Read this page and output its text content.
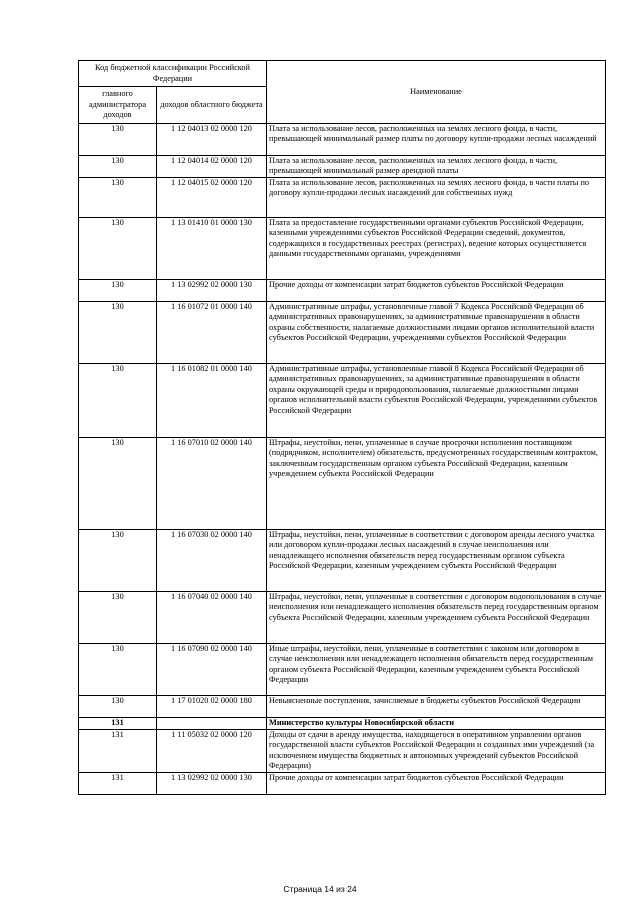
Код бюджетной классификации Российской Федерации		Наименование
главного администратора доходов	доходов областного бюджета	
130	1 12 04013 02 0000 120	Плата за использование лесов, расположенных на землях лесного фонда, в части, превышающей минимальный размер платы по договору купли-продажи лесных насаждений
130	1 12 04014 02 0000 120	Плата за использование лесов, расположенных на землях лесного фонда, в части, превышающей минимальный размер арендной платы
130	1 12 04015 02 0000 120	Плата за использование лесов, расположенных на землях лесного фонда, в части платы по договору купли-продажи лесных насаждений для собственных нужд
130	1 13 01410 01 0000 130	Плата за предоставление государственными органами субъектов Российской Федерации, казенными учреждениями субъектов Российской Федерации сведений, документов, содержащихся в государственных реестрах (регистрах), ведение которых осуществляется данными государственными органами, учреждениями
130	1 13 02992 02 0000 130	Прочие доходы от компенсации затрат бюджетов субъектов Российской Федерации
130	1 16 01072 01 0000 140	Административные штрафы, установленные главой 7 Кодекса Российской Федерации об административных правонарушениях, за административные правонарушения в области охраны собственности, налагаемые должностными лицами органов исполнительной власти субъектов Российской Федерации, учреждениями субъектов Российской Федерации
130	1 16 01082 01 0000 140	Административные штрафы, установленные главой 8 Кодекса Российской Федерации об административных правонарушениях, за административные правонарушения в области охраны окружающей среды и природопользования, налагаемые должностными лицами органов исполнительной власти субъектов Российской Федерации, учреждениями субъектов Российской Федерации
130	1 16 07010 02 0000 140	Штрафы, неустойки, пени, уплаченные в случае просрочки исполнения поставщиком (подрядчиком, исполнителем) обязательств, предусмотренных государственным контрактом, заключенным государственным органом субъекта Российской Федерации, казенным учреждением субъекта Российской Федерации
130	1 16 07030 02 0000 140	Штрафы, неустойки, пени, уплаченные в соответствии с договором аренды лесного участка или договором купли-продажи лесных насаждений в случае неисполнения или ненадлежащего исполнения обязательств перед государственным органом субъекта Российской Федерации, казенным учреждением субъекта Российской Федерации
130	1 16 07040 02 0000 140	Штрафы, неустойки, пени, уплаченные в соответствии с договором водопользования в случае неисполнения или ненадлежащего исполнения обязательств перед государственным органом субъекта Российской Федерации, казенным учреждением субъекта Российской Федерации
130	1 16 07090 02 0000 140	Иные штрафы, неустойки, пени, уплаченные в соответствии с законом или договором в случае неисполнения или ненадлежащего исполнения обязательств перед государственным органом субъекта Российской Федерации, казенным учреждением субъекта Российской Федерации
130	1 17 01020 02 0000 180	Невыясненные поступления, зачисляемые в бюджеты субъектов Российской Федерации
131		Министерство культуры Новосибирской области
131	1 11 05032 02 0000 120	Доходы от сдачи в аренду имущества, находящегося в оперативном управлении органов государственной власти субъектов Российской Федерации и созданных ими учреждений (за исключением имущества бюджетных и автономных учреждений субъектов Российской Федерации)
131	1 13 02992 02 0000 130	Прочие доходы от компенсации затрат бюджетов субъектов Российской Федерации
Страница 14 из 24
